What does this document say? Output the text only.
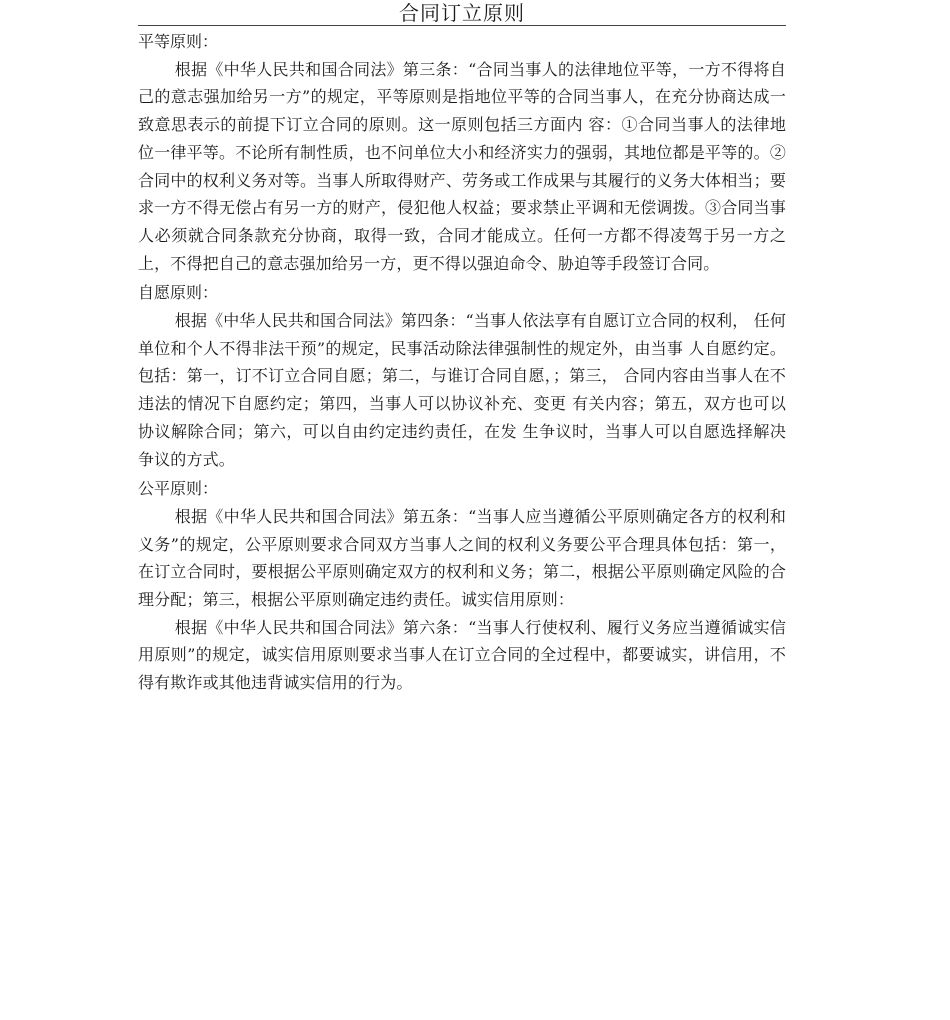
合同订立原则
平等原则：

根据《中华人民共和国合同法》第三条：“合同当事人的法律地位平等，一方不得将自己的意志强加给另一方”的规定，平等原则是指地位平等的合同当事人，在充分协商达成一致意思表示的前提下订立合同的原则。这一原则包括三方面内 容：①合同当事人的法律地位一律平等。不论所有制性质，也不问单位大小和经济实力的强弱，其地位都是平等的。②合同中的权利义务对等。当事人所取得财产、劳务或工作成果与其履行的义务大体相当；要求一方不得无偿占有另一方的财产，侵犯他人权益；要求禁止平调和无偿调拨。③合同当事人必须就合同条款充分协商，取得一致，合同才能成立。任何一方都不得凌驾于另一方之上，不得把自己的意志强加给另一方，更不得以强迫命令、胁迫等手段签订合同。

自愿原则：

根据《中华人民共和国合同法》第四条：“当事人依法享有自愿订立合同的权利， 任何单位和个人不得非法干预”的规定，民事活动除法律强制性的规定外，由当事 人自愿约定。包括：第一，订不订立合同自愿；第二，与谁订合同自愿，；第三， 合同内容由当事人在不违法的情况下自愿约定；第四，当事人可以协议补充、变更 有关内容；第五，双方也可以协议解除合同；第六，可以自由约定违约责任，在发 生争议时，当事人可以自愿选择解决争议的方式。

公平原则：

根据《中华人民共和国合同法》第五条：“当事人应当遵循公平原则确定各方的权利和义务”的规定，公平原则要求合同双方当事人之间的权利义务要公平合理具体包括：第一，在订立合同时，要根据公平原则确定双方的权利和义务；第二，根据公平原则确定风险的合理分配；第三，根据公平原则确定违约责任。诚实信用原则：

根据《中华人民共和国合同法》第六条：“当事人行使权利、履行义务应当遵循诚实信用原则”的规定，诚实信用原则要求当事人在订立合同的全过程中，都要诚实，讲信用，不得有欺诈或其他违背诚实信用的行为。
